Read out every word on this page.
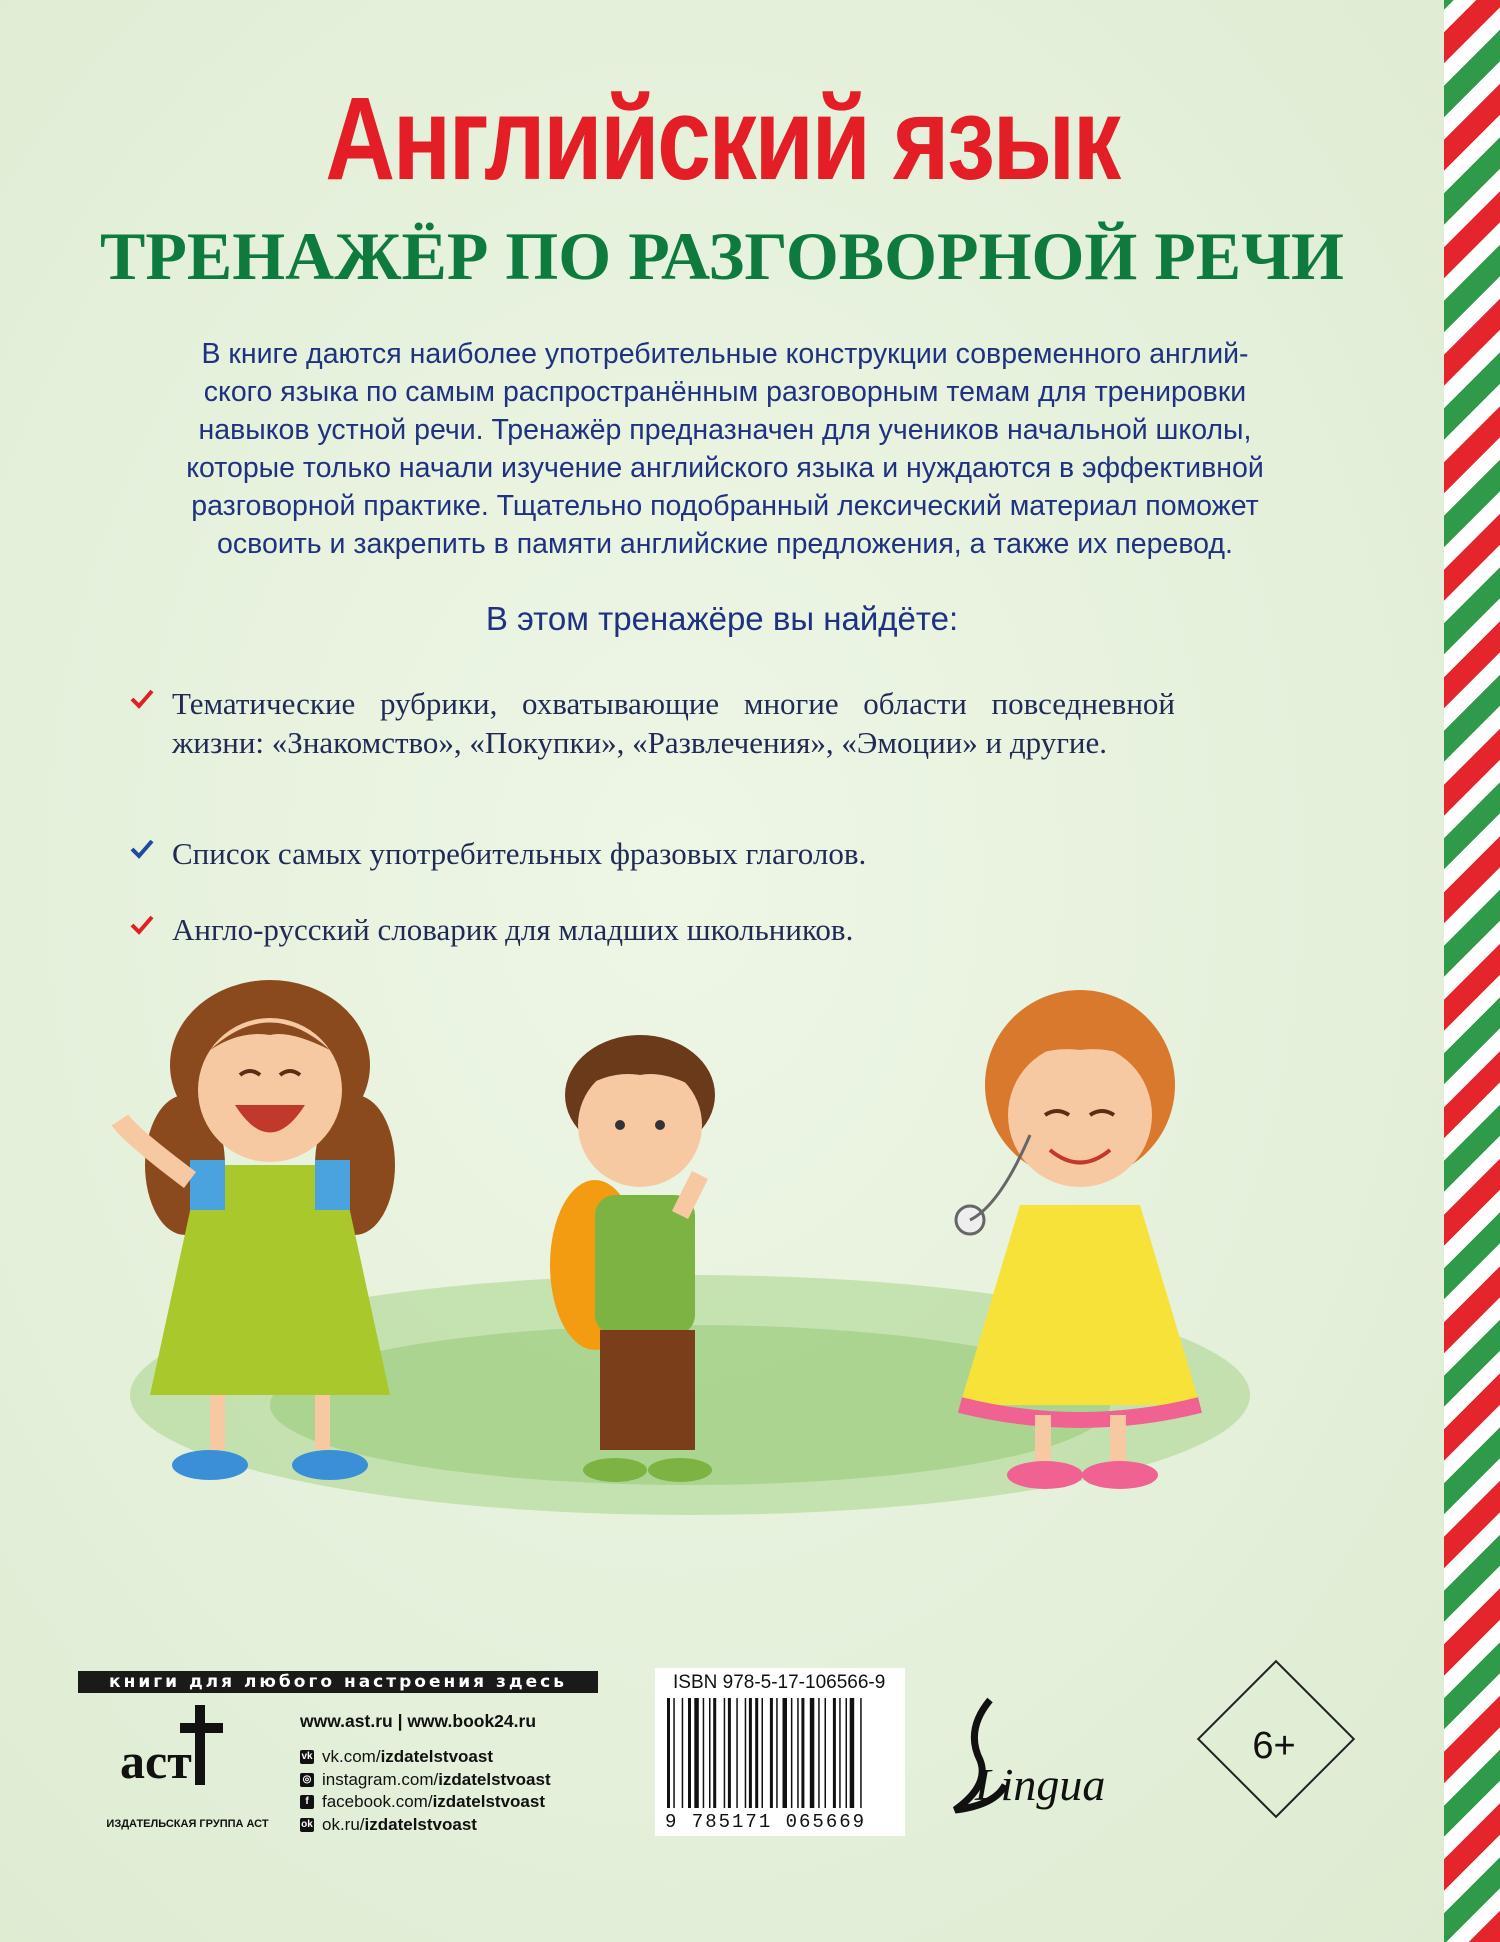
Английский язык
ТРЕНАЖЁР ПО РАЗГОВОРНОЙ РЕЧИ
В книге даются наиболее употребительные конструкции современного англий-
ского языка по самым распространённым разговорным темам для тренировки
навыков устной речи. Тренажёр предназначен для учеников начальной школы,
которые только начали изучение английского языка и нуждаются в эффективной
разговорной практике. Тщательно подобранный лексический материал поможет
освоить и закрепить в памяти английские предложения, а также их перевод.
В этом тренажёре вы найдёте:
Тематические рубрики, охватывающие многие области повседневной жизни: «Знакомство», «Покупки», «Развлечения», «Эмоции» и другие.
Список самых употребительных фразовых глаголов.
Англо-русский словарик для младших школьников.
книги для любого настроения здесь
аст
ИЗДАТЕЛЬСКАЯ ГРУППА АСТ
www.ast.ru | www.book24.ru
vk vk.com/ izdatelstvoast
◎ instagram.com/ izdatelstvoast
f facebook.com/ izdatelstvoast
ok ok.ru/ izdatelstvoast
ISBN 978-5-17-106566-9
9 785171 065669
Lingua
6+
